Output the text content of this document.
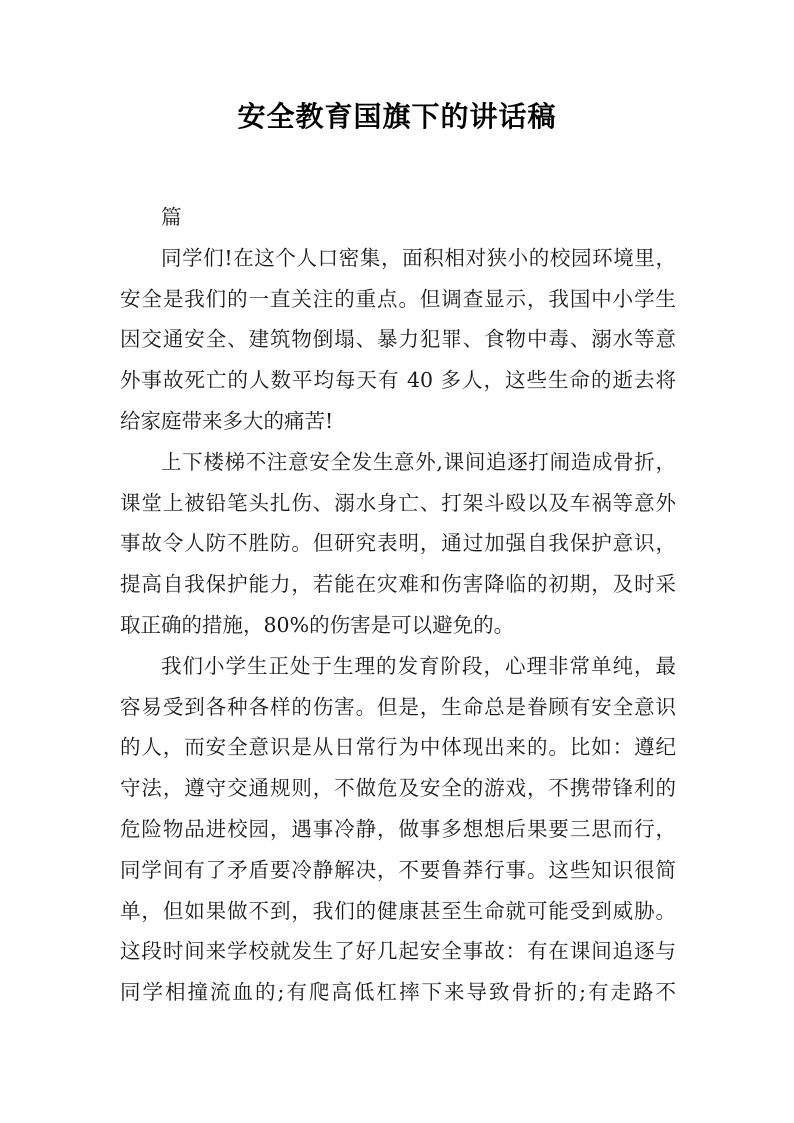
安全教育国旗下的讲话稿
篇
同学们!在这个人口密集，面积相对狭小的校园环境里，
安全是我们的一直关注的重点。但调查显示，我国中小学生
因交通安全、建筑物倒塌、暴力犯罪、食物中毒、溺水等意
外事故死亡的人数平均每天有 40 多人，这些生命的逝去将
给家庭带来多大的痛苦!
上下楼梯不注意安全发生意外,课间追逐打闹造成骨折，
课堂上被铅笔头扎伤、溺水身亡、打架斗殴以及车祸等意外
事故令人防不胜防。但研究表明，通过加强自我保护意识，
提高自我保护能力，若能在灾难和伤害降临的初期，及时采
取正确的措施，80%的伤害是可以避免的。
我们小学生正处于生理的发育阶段，心理非常单纯，最
容易受到各种各样的伤害。但是，生命总是眷顾有安全意识
的人，而安全意识是从日常行为中体现出来的。比如：遵纪
守法，遵守交通规则，不做危及安全的游戏，不携带锋利的
危险物品进校园，遇事冷静，做事多想想后果要三思而行，
同学间有了矛盾要冷静解决，不要鲁莽行事。这些知识很简
单，但如果做不到，我们的健康甚至生命就可能受到威胁。
这段时间来学校就发生了好几起安全事故：有在课间追逐与
同学相撞流血的;有爬高低杠摔下来导致骨折的;有走路不
